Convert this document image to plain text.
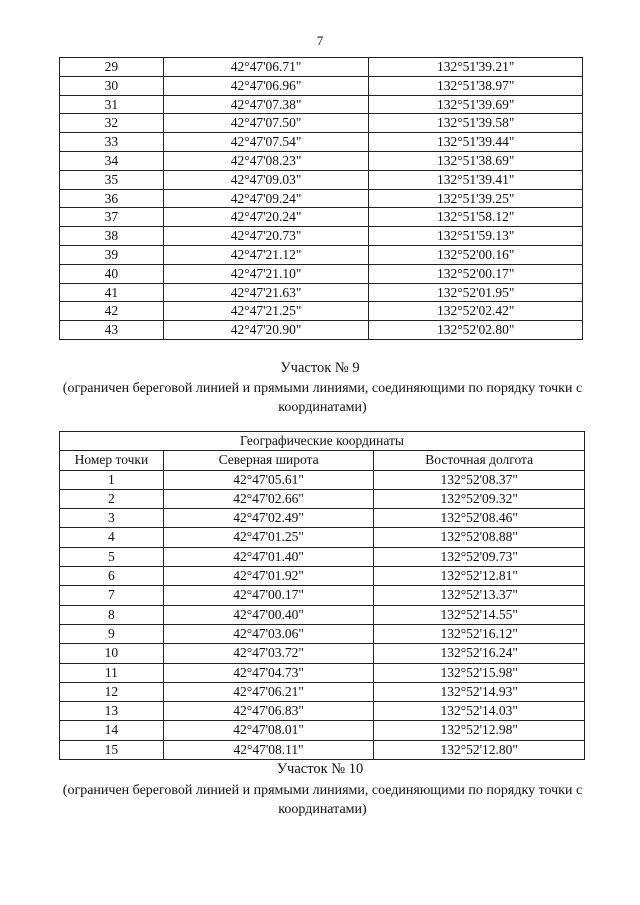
7
29	42°47'06.71"	132°51'39.21"
30	42°47'06.96"	132°51'38.97"
31	42°47'07.38"	132°51'39.69"
32	42°47'07.50"	132°51'39.58"
33	42°47'07.54"	132°51'39.44"
34	42°47'08.23"	132°51'38.69"
35	42°47'09.03"	132°51'39.41"
36	42°47'09.24"	132°51'39.25"
37	42°47'20.24"	132°51'58.12"
38	42°47'20.73"	132°51'59.13"
39	42°47'21.12"	132°52'00.16"
40	42°47'21.10"	132°52'00.17"
41	42°47'21.63"	132°52'01.95"
42	42°47'21.25"	132°52'02.42"
43	42°47'20.90"	132°52'02.80"
Участок № 9
(ограничен береговой линией и прямыми линиями, соединяющими по порядку точки с координатами)
Географические координаты		
Номер точки	Северная широта	Восточная долгота
1	42°47'05.61"	132°52'08.37"
2	42°47'02.66"	132°52'09.32"
3	42°47'02.49"	132°52'08.46"
4	42°47'01.25"	132°52'08.88"
5	42°47'01.40"	132°52'09.73"
6	42°47'01.92"	132°52'12.81"
7	42°47'00.17"	132°52'13.37"
8	42°47'00.40"	132°52'14.55"
9	42°47'03.06"	132°52'16.12"
10	42°47'03.72"	132°52'16.24"
11	42°47'04.73"	132°52'15.98"
12	42°47'06.21"	132°52'14.93"
13	42°47'06.83"	132°52'14.03"
14	42°47'08.01"	132°52'12.98"
15	42°47'08.11"	132°52'12.80"
Участок № 10
(ограничен береговой линией и прямыми линиями, соединяющими по порядку точки с координатами)
